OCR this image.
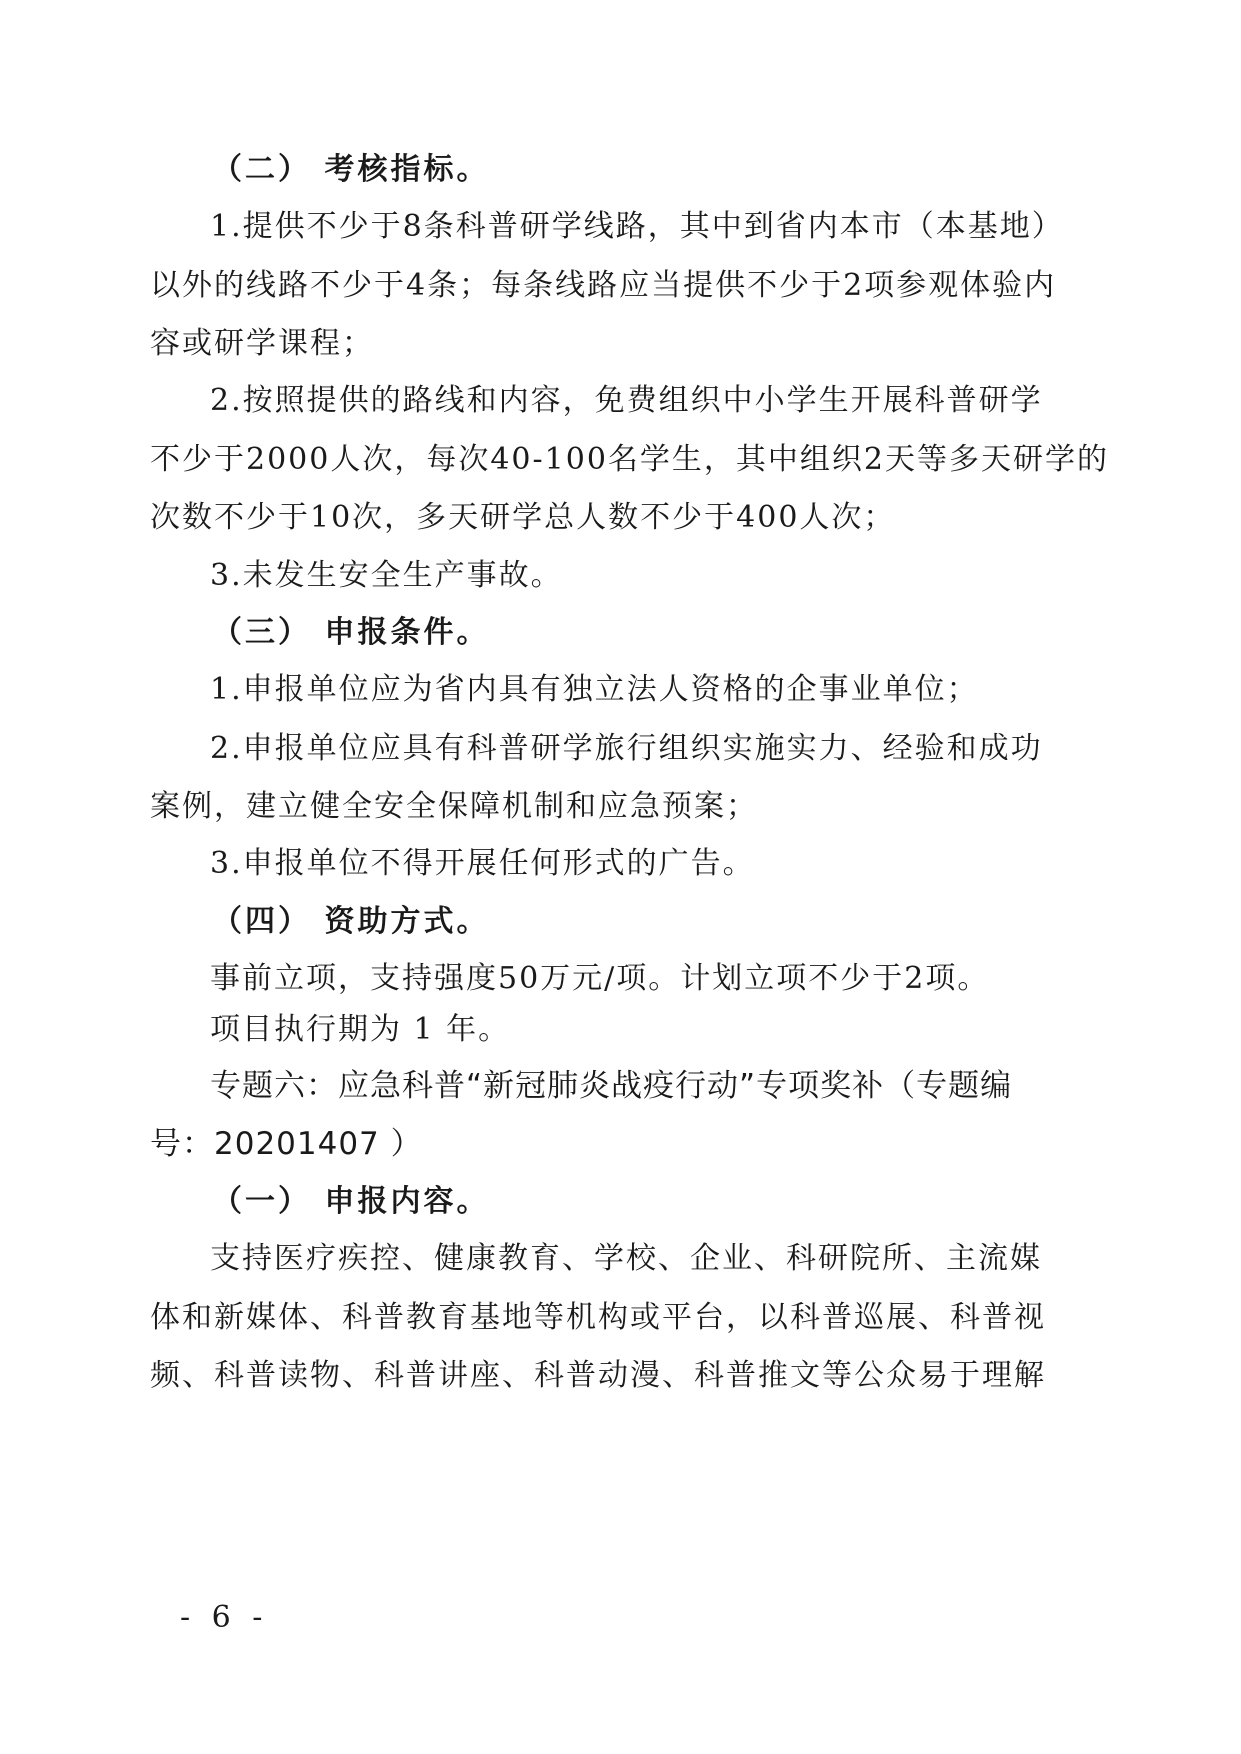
（二） 考核指标。
1.提供不少于8条科普研学线路，其中到省内本市（本基地）
以外的线路不少于4条；每条线路应当提供不少于2项参观体验内
容或研学课程；
2.按照提供的路线和内容，免费组织中小学生开展科普研学
不少于2000人次，每次40-100名学生，其中组织2天等多天研学的
次数不少于10次，多天研学总人数不少于400人次；
3.未发生安全生产事故。
（三） 申报条件。
1.申报单位应为省内具有独立法人资格的企事业单位；
2.申报单位应具有科普研学旅行组织实施实力、经验和成功
案例，建立健全安全保障机制和应急预案；
3.申报单位不得开展任何形式的广告。
（四） 资助方式。
事前立项，支持强度50万元/项。计划立项不少于2项。
项目执行期为 1 年。
专题六：应急科普“新冠肺炎战疫行动”专项奖补（专题编
号：20201407 ）
（一） 申报内容。
支持医疗疾控、健康教育、学校、企业、科研院所、主流媒
体和新媒体、科普教育基地等机构或平台，以科普巡展、科普视
频、科普读物、科普讲座、科普动漫、科普推文等公众易于理解
- 6 -
